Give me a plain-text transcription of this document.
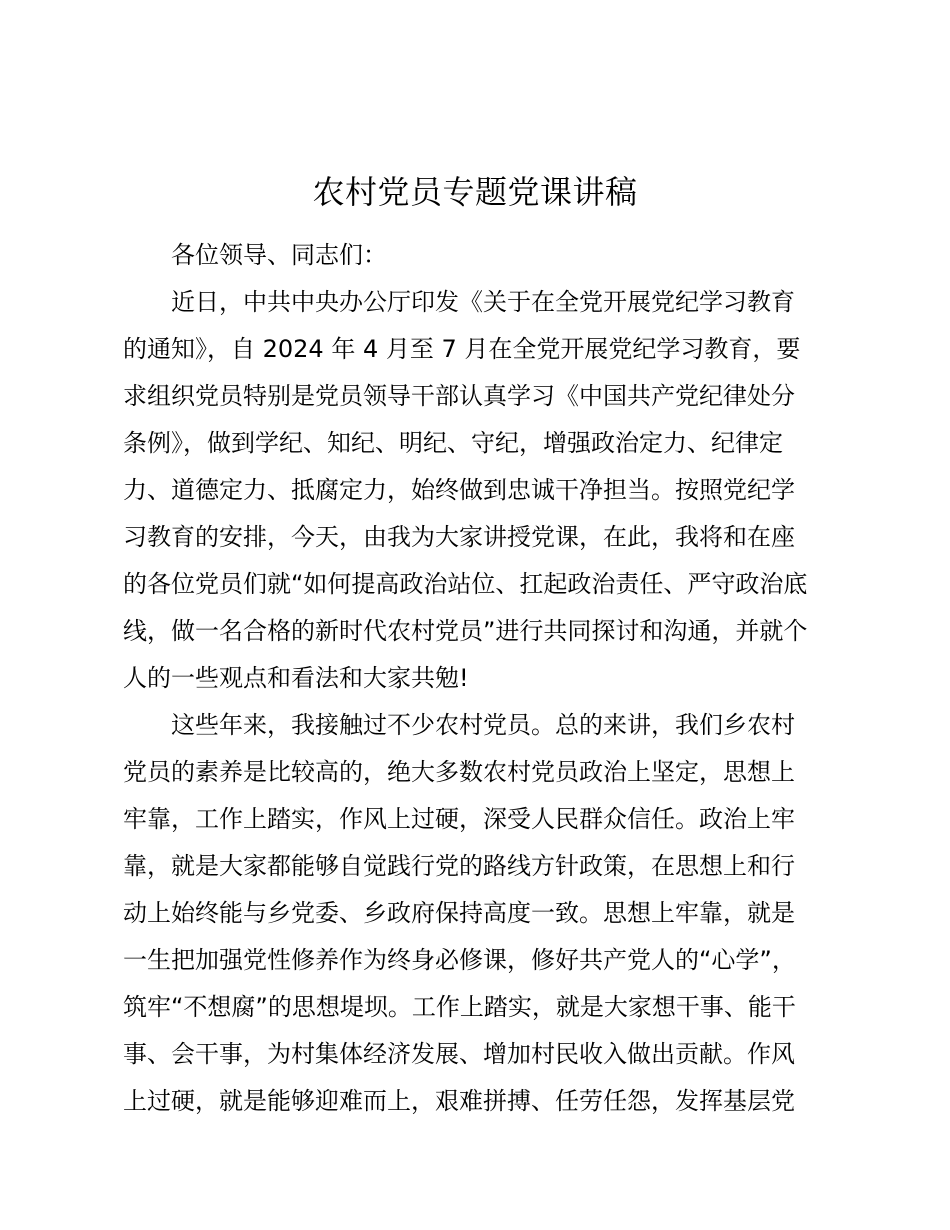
农村党员专题党课讲稿
各位领导、同志们：
近日，中共中央办公厅印发《关于在全党开展党纪学习教育
的通知》，自 2024 年 4 月至 7 月在全党开展党纪学习教育，要
求组织党员特别是党员领导干部认真学习《中国共产党纪律处分
条例》，做到学纪、知纪、明纪、守纪，增强政治定力、纪律定
力、道德定力、抵腐定力，始终做到忠诚干净担当。按照党纪学
习教育的安排，今天，由我为大家讲授党课，在此，我将和在座
的各位党员们就“如何提高政治站位、扛起政治责任、严守政治底
线，做一名合格的新时代农村党员”进行共同探讨和沟通，并就个
人的一些观点和看法和大家共勉!
这些年来，我接触过不少农村党员。总的来讲，我们乡农村
党员的素养是比较高的，绝大多数农村党员政治上坚定，思想上
牢靠，工作上踏实，作风上过硬，深受人民群众信任。政治上牢
靠，就是大家都能够自觉践行党的路线方针政策，在思想上和行
动上始终能与乡党委、乡政府保持高度一致。思想上牢靠，就是
一生把加强党性修养作为终身必修课，修好共产党人的“心学”，
筑牢“不想腐”的思想堤坝。工作上踏实，就是大家想干事、能干
事、会干事，为村集体经济发展、增加村民收入做出贡献。作风
上过硬，就是能够迎难而上，艰难拼搏、任劳任怨，发挥基层党
